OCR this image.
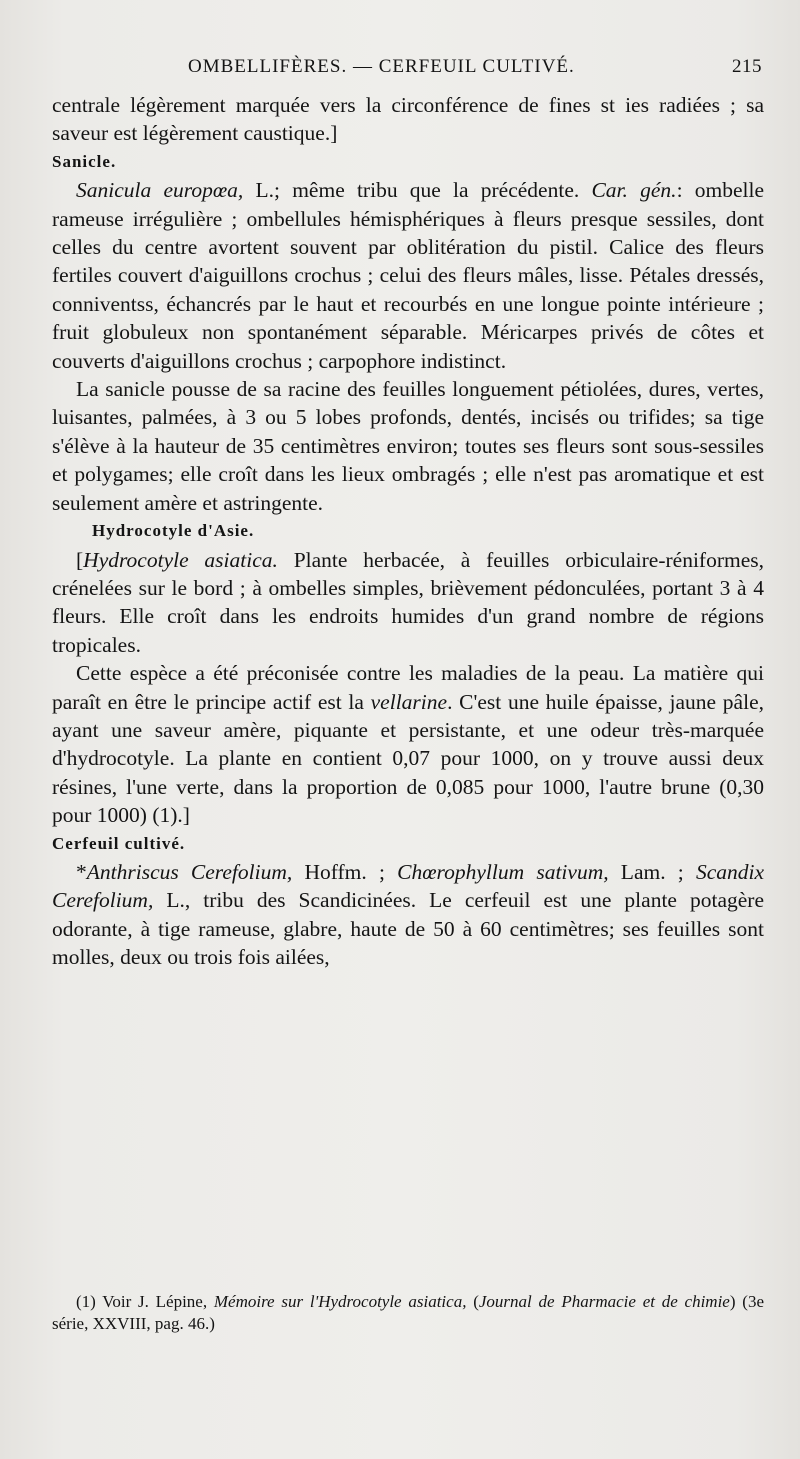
OMBELLIFÈRES. — CERFEUIL CULTIVÉ.	215

centrale légèrement marquée vers la circonférence de fines st ies radiées ; sa saveur est légèrement caustique.]

Sanicle.

Sanicula europœa, L.; même tribu que la précédente. Car. gén.: ombelle rameuse irrégulière ; ombellules hémisphériques à fleurs presque sessiles, dont celles du centre avortent souvent par oblitération du pistil. Calice des fleurs fertiles couvert d'aiguillons crochus ; celui des fleurs mâles, lisse. Pétales dressés, conniventss, échancrés par le haut et recourbés en une longue pointe intérieure ; fruit globuleux non spontanément séparable. Méricarpes privés de côtes et couverts d'aiguillons crochus ; carpophore indistinct.

La sanicle pousse de sa racine des feuilles longuement pétiolées, dures, vertes, luisantes, palmées, à 3 ou 5 lobes profonds, dentés, incisés ou trifides; sa tige s'élève à la hauteur de 35 centimètres environ; toutes ses fleurs sont sous-sessiles et polygames; elle croît dans les lieux ombragés ; elle n'est pas aromatique et est seulement amère et astringente.

Hydrocotyle d'Asie.

[Hydrocotyle asiatica. Plante herbacée, à feuilles orbiculaire-réniformes, crénelées sur le bord ; à ombelles simples, brièvement pédonculées, portant 3 à 4 fleurs. Elle croît dans les endroits humides d'un grand nombre de régions tropicales.

Cette espèce a été préconisée contre les maladies de la peau. La matière qui paraît en être le principe actif est la vellarine. C'est une huile épaisse, jaune pâle, ayant une saveur amère, piquante et persistante, et une odeur très-marquée d'hydrocotyle. La plante en contient 0,07 pour 1000, on y trouve aussi deux résines, l'une verte, dans la proportion de 0,085 pour 1000, l'autre brune (0,30 pour 1000) (1).]

Cerfeuil cultivé.

*Anthriscus Cerefolium, Hoffm. ; Chœrophyllum sativum, Lam. ; Scandix Cerefolium, L., tribu des Scandicinées. Le cerfeuil est une plante potagère odorante, à tige rameuse, glabre, haute de 50 à 60 centimètres; ses feuilles sont molles, deux ou trois fois ailées,

(1) Voir J. Lépine, Mémoire sur l'Hydrocotyle asiatica, (Journal de Pharmacie et de chimie) (3e série, XXVIII, pag. 46.)
